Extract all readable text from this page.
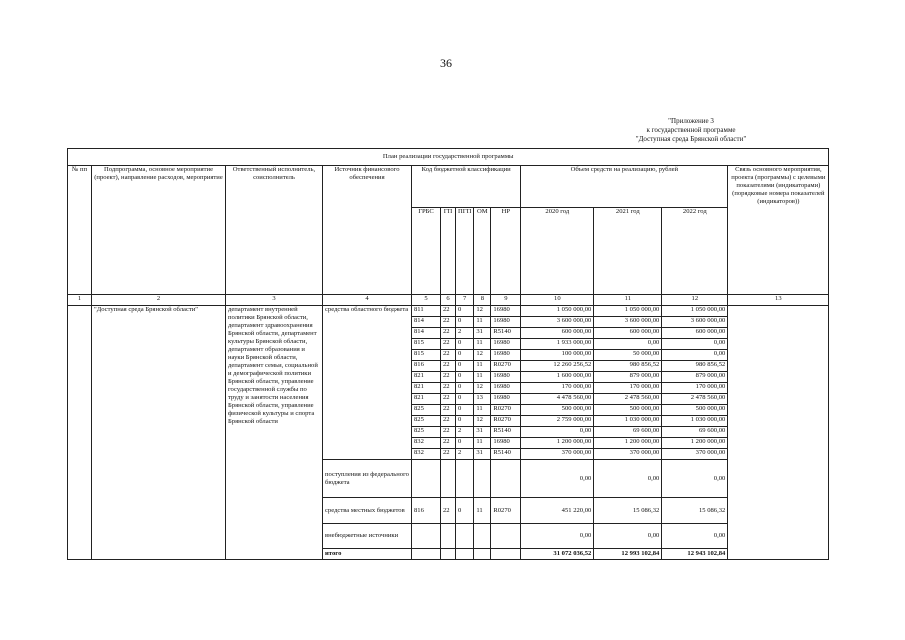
36
"Приложение 3
к государственной программе
"Доступная среда Брянской области"
План реализации государственной программы												
№ пп	Подпрограмма, основное мероприятие (проект), направление расходов, мероприятие	Ответственный исполнитель, соисполнитель	Источник финансового обеспечения	Код бюджетной классификации					Объем средств на реализацию, рублей			Связь основного мероприятия, проекта (программы) с целевыми показателями (индикаторами) (порядковые номера показателей (индикаторов))
				ГРБС	ГП	ПГП	ОМ	НР	2020 год	2021 год	2022 год	
1	2	3	4	5	6	7	8	9	10	11	12	13
	"Доступная среда Брянской области"	департамент внутренней политики Брянской области, департамент здравоохранения Брянской области, департамент культуры Брянской области, департамент образования и науки Брянской области, департамент семьи, социальной и демографической политики Брянской области, управление государственной службы по труду и занятости населения Брянской области, управление физической культуры и спорта Брянской области	средства областного бюджета	811	22	0	12	16980	1 050 000,00	1 050 000,00	1 050 000,00	
				814	22	0	11	16980	3 600 000,00	3 600 000,00	3 600 000,00	
				814	22	2	31	R5140	600 000,00	600 000,00	600 000,00	
				815	22	0	11	16980	1 933 000,00	0,00	0,00	
				815	22	0	12	16980	100 000,00	50 000,00	0,00	
				816	22	0	11	R0270	12 260 256,52	980 856,52	980 856,52	
				821	22	0	11	16980	1 600 000,00	879 000,00	879 000,00	
				821	22	0	12	16980	170 000,00	170 000,00	170 000,00	
				821	22	0	13	16980	4 478 560,00	2 478 560,00	2 478 560,00	
				825	22	0	11	R0270	500 000,00	500 000,00	500 000,00	
				825	22	0	12	R0270	2 759 000,00	1 030 000,00	1 030 000,00	
				825	22	2	31	R5140	0,00	69 600,00	69 600,00	
				832	22	0	11	16980	1 200 000,00	1 200 000,00	1 200 000,00	
				832	22	2	31	R5140	370 000,00	370 000,00	370 000,00	
			поступления из федерального бюджета						0,00	0,00	0,00	
			средства местных бюджетов	816	22	0	11	R0270	451 220,00	15 086,32	15 086,32	
			внебюджетные источники						0,00	0,00	0,00	
			итого						31 072 036,52	12 993 102,84	12 943 102,84	
